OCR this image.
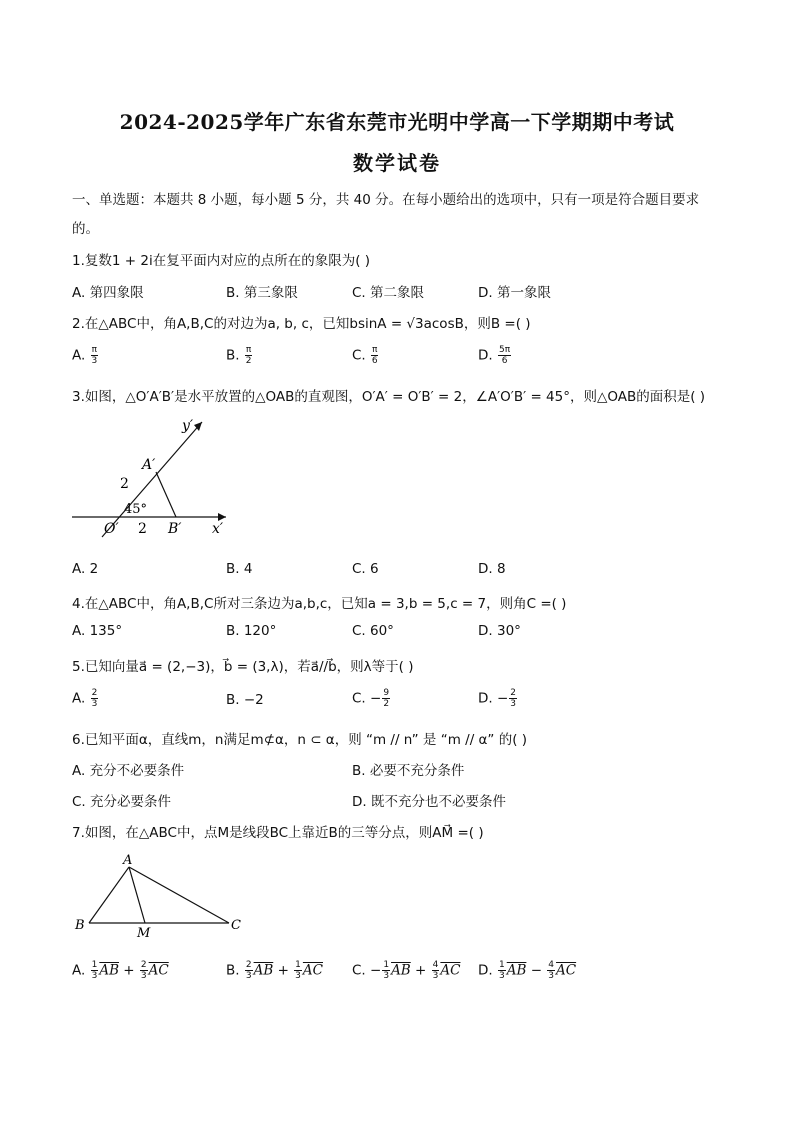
2024-2025学年广东省东莞市光明中学高一下学期期中考试
数学试卷
一、单选题：本题共 8 小题，每小题 5 分，共 40 分。在每小题给出的选项中，只有一项是符合题目要求
的。
1.复数1 + 2i在复平面内对应的点所在的象限为( )
A. 第四象限	B. 第三象限	C. 第二象限	D. 第一象限
2.在△ABC中，角A,B,C的对边为a, b, c，已知bsinA = √3acosB，则B =( )
A. $\frac{\pi}{3}$	B. $\frac{\pi}{2}$	C. $\frac{\pi}{6}$	D. $\frac{5\pi}{6}$
3.如图，△O′A′B′是水平放置的△OAB的直观图，O′A′ = O′B′ = 2，∠A′O′B′ = 45°，则△OAB的面积是( )
y′
x′
A′
O′	B′
2
2
45°
A. 2	B. 4	C. 6	D. 8
4.在△ABC中，角A,B,C所对三条边为a,b,c，已知a = 3,b = 5,c = 7，则角C =( )
A. 135°	B. 120°	C. 60°	D. 30°
5.已知向量a⃗ = (2,−3)，b⃗ = (3,λ)，若a⃗//b⃗，则λ等于( )
A. $\frac{2}{3}$	B. −2	C. − $\frac{9}{2}$	D. − $\frac{2}{3}$
6.已知平面α，直线m，n满足m⊄α，n ⊂ α，则 “m // n” 是 “m // α” 的( )
A. 充分不必要条件	B. 必要不充分条件
C. 充分必要条件	D. 既不充分也不必要条件
7.如图，在△ABC中，点M是线段BC上靠近B的三等分点，则AM⃗ =( )
A
B	C
M
A. $\frac{1}{3} \overline{AB} + \frac{2}{3} \overline{AC}$	B. $\frac{2}{3} \overline{AB} + \frac{1}{3} \overline{AC}$ C. − $\frac{1}{3} \overline{AB} + \frac{4}{3} \overline{AC}$ D. $\frac{1}{3} \overline{AB} - \frac{4}{3} \overline{AC}$
